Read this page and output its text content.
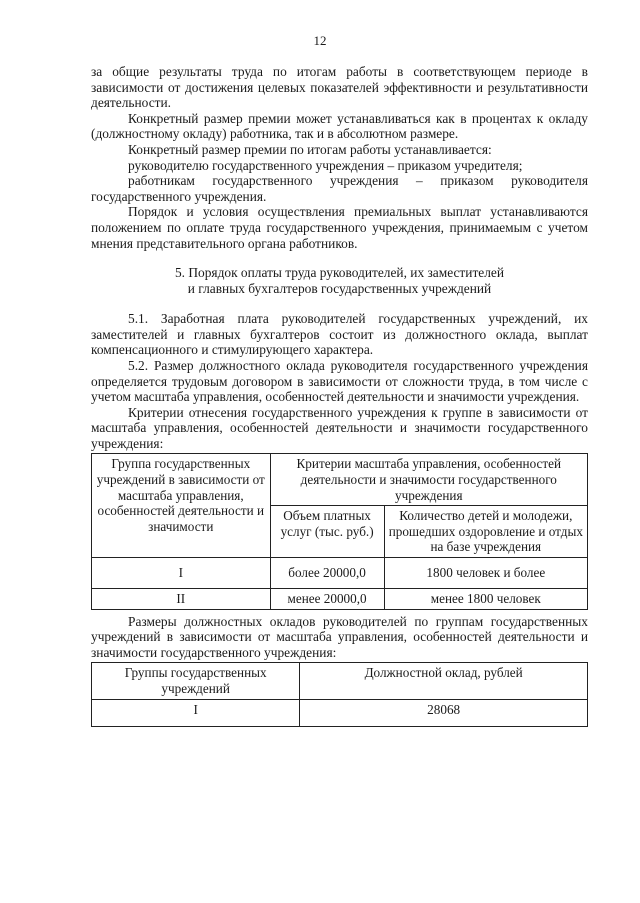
12

за общие результаты труда по итогам работы в соответствующем периоде в зависимости от достижения целевых показателей эффективности и результативности деятельности.

Конкретный размер премии может устанавливаться как в процентах к окладу (должностному окладу) работника, так и в абсолютном размере.

Конкретный размер премии по итогам работы устанавливается:

руководителю государственного учреждения – приказом учредителя;

работникам государственного учреждения – приказом руководителя государственного учреждения.

Порядок и условия осуществления премиальных выплат устанавливаются положением по оплате труда государственного учреждения, принимаемым с учетом мнения представительного органа работников.

5. Порядок оплаты труда руководителей, их заместителей
и главных бухгалтеров государственных учреждений

5.1. Заработная плата руководителей государственных учреждений, их заместителей и главных бухгалтеров состоит из должностного оклада, выплат компенсационного и стимулирующего характера.

5.2. Размер должностного оклада руководителя государственного учреждения определяется трудовым договором в зависимости от сложности труда, в том числе с учетом масштаба управления, особенностей деятельности и значимости учреждения.

Критерии отнесения государственного учреждения к группе в зависимости от масштаба управления, особенностей деятельности и значимости государственного учреждения:

Группа государственных учреждений в зависимости от масштаба управления, особенностей деятельности и значимости	Критерии масштаба управления, особенностей деятельности и значимости государственного учреждения	
	Объем платных услуг (тыс. руб.)	Количество детей и молодежи, прошедших оздоровление и отдых на базе учреждения
I	более 20000,0	1800 человек и более
II	менее 20000,0	менее 1800 человек

Размеры должностных окладов руководителей по группам государственных учреждений в зависимости от масштаба управления, особенностей деятельности и значимости государственного учреждения:

Группы государственных учреждений	Должностной оклад, рублей
I	28068
